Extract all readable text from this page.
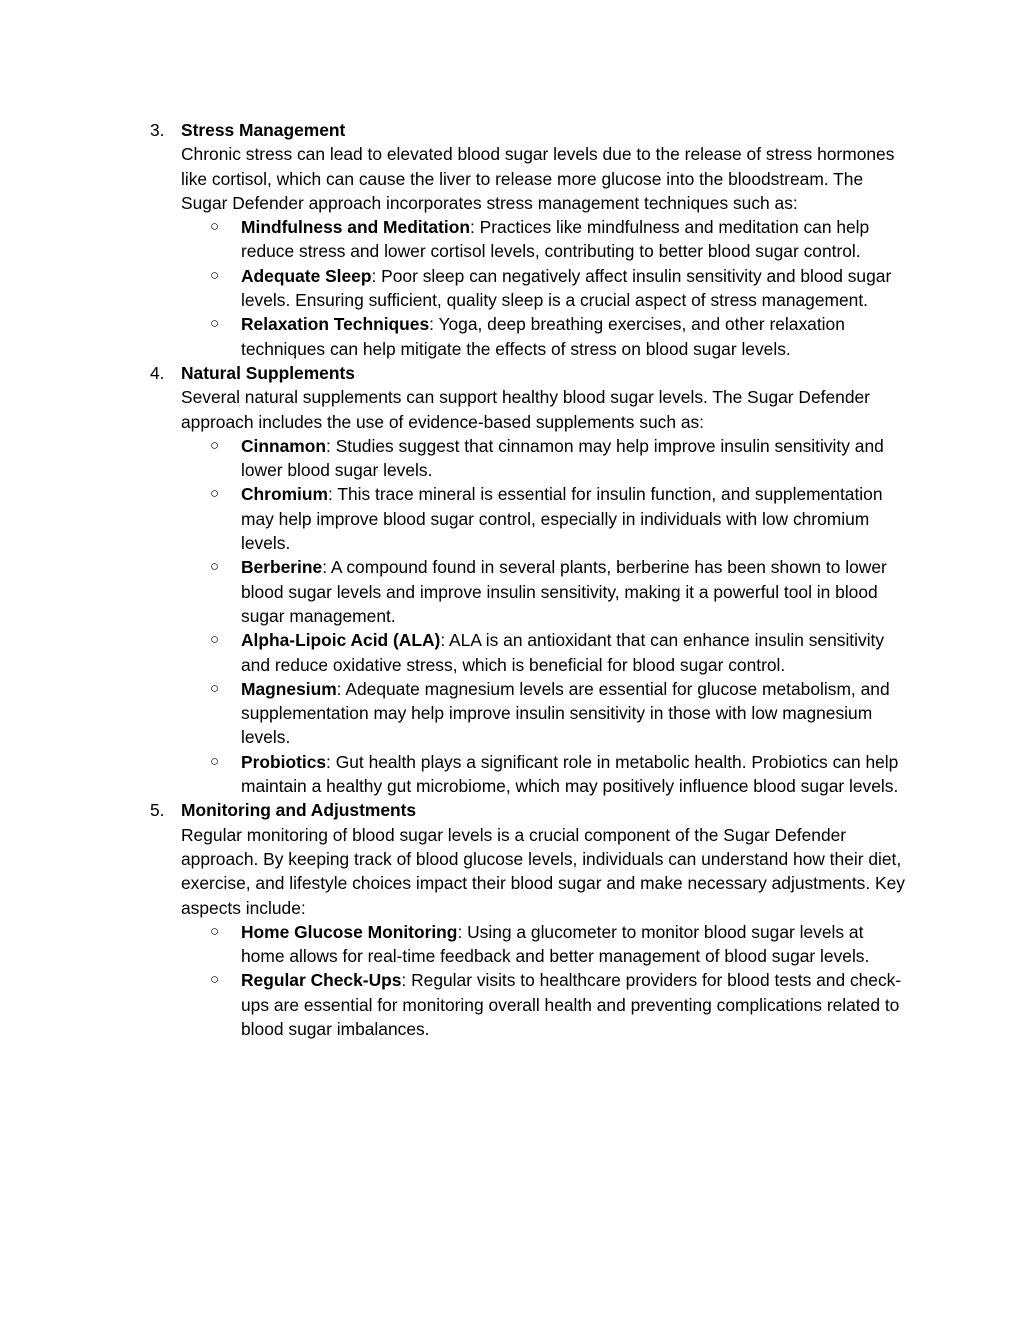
3. Stress Management
Chronic stress can lead to elevated blood sugar levels due to the release of stress hormones like cortisol, which can cause the liver to release more glucose into the bloodstream. The Sugar Defender approach incorporates stress management techniques such as:
○ Mindfulness and Meditation: Practices like mindfulness and meditation can help reduce stress and lower cortisol levels, contributing to better blood sugar control.
○ Adequate Sleep: Poor sleep can negatively affect insulin sensitivity and blood sugar levels. Ensuring sufficient, quality sleep is a crucial aspect of stress management.
○ Relaxation Techniques: Yoga, deep breathing exercises, and other relaxation techniques can help mitigate the effects of stress on blood sugar levels.
4. Natural Supplements
Several natural supplements can support healthy blood sugar levels. The Sugar Defender approach includes the use of evidence-based supplements such as:
○ Cinnamon: Studies suggest that cinnamon may help improve insulin sensitivity and lower blood sugar levels.
○ Chromium: This trace mineral is essential for insulin function, and supplementation may help improve blood sugar control, especially in individuals with low chromium levels.
○ Berberine: A compound found in several plants, berberine has been shown to lower blood sugar levels and improve insulin sensitivity, making it a powerful tool in blood sugar management.
○ Alpha-Lipoic Acid (ALA): ALA is an antioxidant that can enhance insulin sensitivity and reduce oxidative stress, which is beneficial for blood sugar control.
○ Magnesium: Adequate magnesium levels are essential for glucose metabolism, and supplementation may help improve insulin sensitivity in those with low magnesium levels.
○ Probiotics: Gut health plays a significant role in metabolic health. Probiotics can help maintain a healthy gut microbiome, which may positively influence blood sugar levels.
5. Monitoring and Adjustments
Regular monitoring of blood sugar levels is a crucial component of the Sugar Defender approach. By keeping track of blood glucose levels, individuals can understand how their diet, exercise, and lifestyle choices impact their blood sugar and make necessary adjustments. Key aspects include:
○ Home Glucose Monitoring: Using a glucometer to monitor blood sugar levels at home allows for real-time feedback and better management of blood sugar levels.
○ Regular Check-Ups: Regular visits to healthcare providers for blood tests and check-ups are essential for monitoring overall health and preventing complications related to blood sugar imbalances.
